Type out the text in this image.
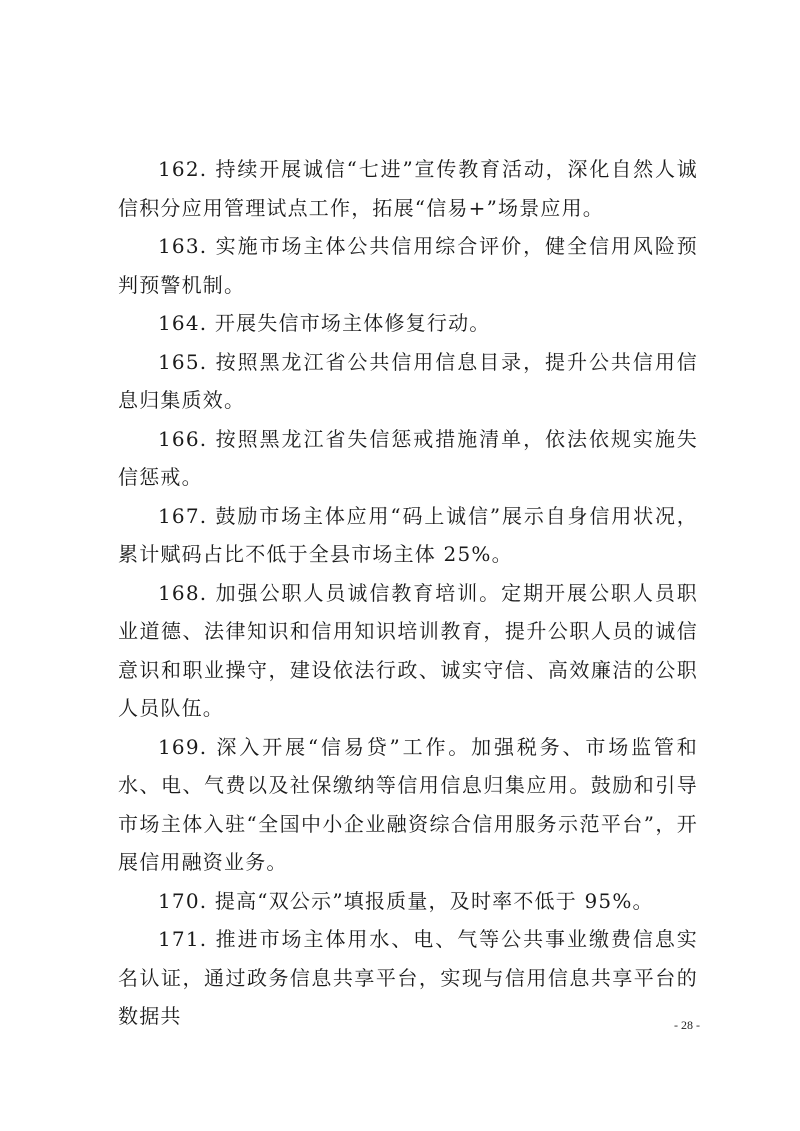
162. 持续开展诚信“七进”宣传教育活动，深化自然人诚信积分应用管理试点工作，拓展“信易+”场景应用。

163. 实施市场主体公共信用综合评价，健全信用风险预判预警机制。

164. 开展失信市场主体修复行动。

165. 按照黑龙江省公共信用信息目录，提升公共信用信息归集质效。

166. 按照黑龙江省失信惩戒措施清单，依法依规实施失信惩戒。

167. 鼓励市场主体应用“码上诚信”展示自身信用状况，累计赋码占比不低于全县市场主体 25%。

168. 加强公职人员诚信教育培训。定期开展公职人员职业道德、法律知识和信用知识培训教育，提升公职人员的诚信意识和职业操守，建设依法行政、诚实守信、高效廉洁的公职人员队伍。

169. 深入开展“信易贷”工作。加强税务、市场监管和水、电、气费以及社保缴纳等信用信息归集应用。鼓励和引导市场主体入驻“全国中小企业融资综合信用服务示范平台”，开展信用融资业务。

170. 提高“双公示”填报质量，及时率不低于 95%。

171. 推进市场主体用水、电、气等公共事业缴费信息实名认证，通过政务信息共享平台，实现与信用信息共享平台的数据共	- 28 -
